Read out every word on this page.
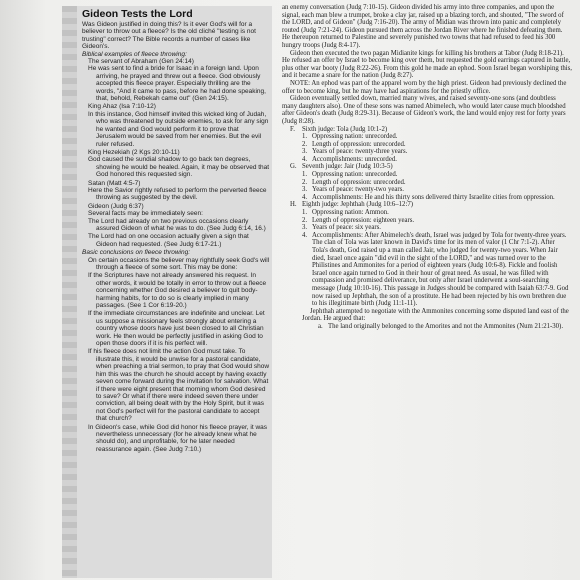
Gideon Tests the Lord

Was Gideon justified in doing this? Is it ever God's will for a believer to throw out a fleece? Is the old cliché "testing is not trusting" correct? The Bible records a number of cases like Gideon's.

Biblical examples of fleece throwing:

The servant of Abraham (Gen 24:14)

He was sent to find a bride for Isaac in a foreign land. Upon arriving, he prayed and threw out a fleece. God obviously accepted this fleece prayer. Especially thrilling are the words, "And it came to pass, before he had done speaking, that, behold, Rebekah came out" (Gen 24:15).

King Ahaz (Isa 7:10-12)

In this instance, God himself invited this wicked king of Judah, who was threatened by outside enemies, to ask for any sign he wanted and God would perform it to prove that Jerusalem would be saved from her enemies. But the evil ruler refused.

King Hezekiah (2 Kgs 20:10-11)

God caused the sundial shadow to go back ten degrees, showing he would be healed. Again, it may be observed that God honored this requested sign.

Satan (Matt 4:5-7)

Here the Savior rightly refused to perform the perverted fleece throwing as suggested by the devil.

Gideon (Judg 6:37)

Several facts may be immediately seen:

The Lord had already on two previous occasions clearly assured Gideon of what he was to do. (See Judg 6:14, 16.)

The Lord had on one occasion actually given a sign that Gideon had requested. (See Judg 6:17-21.)

Basic conclusions on fleece throwing:

On certain occasions the believer may rightfully seek God's will through a fleece of some sort. This may be done:

If the Scriptures have not already answered his request. In other words, it would be totally in error to throw out a fleece concerning whether God desired a believer to quit body-harming habits, for to do so is clearly implied in many passages. (See 1 Cor 6:19-20.)

If the immediate circumstances are indefinite and unclear. Let us suppose a missionary feels strongly about entering a country whose doors have just been closed to all Christian work. He then would be perfectly justified in asking God to open those doors if it is his perfect will.

If his fleece does not limit the action God must take. To illustrate this, it would be unwise for a pastoral candidate, when preaching a trial sermon, to pray that God would show him this was the church he should accept by having exactly seven come forward during the invitation for salvation. What if there were eight present that morning whom God desired to save? Or what if there were indeed seven there under conviction, all being dealt with by the Holy Spirit, but it was not God's perfect will for the pastoral candidate to accept that church?

In Gideon's case, while God did honor his fleece prayer, it was nevertheless unnecessary (for he already knew what he should do), and unprofitable, for he later needed reassurance again. (See Judg 7:10.)

an enemy conversation (Judg 7:10-15). Gideon divided his army into three companies, and upon the signal, each man blew a trumpet, broke a clay jar, raised up a blazing torch, and shouted, "The sword of the LORD, and of Gideon" (Judg 7:16-20). The army of Midian was thrown into panic and completely routed (Judg 7:21-24). Gideon pursued them across the Jordan River where he finished defeating them. He thereupon returned to Palestine and severely punished two towns that had refused to feed his 300 hungry troops (Judg 8:4-17).

Gideon then executed the two pagan Midianite kings for killing his brothers at Tabor (Judg 8:18-21). He refused an offer by Israel to become king over them, but requested the gold earrings captured in battle, plus other war booty (Judg 8:22-26). From this gold he made an ephod. Soon Israel began worshiping this, and it became a snare for the nation (Judg 8:27).

NOTE: An ephod was part of the apparel worn by the high priest. Gideon had previously declined the offer to become king, but he may have had aspirations for the priestly office.

Gideon eventually settled down, married many wives, and raised seventy-one sons (and doubtless many daughters also). One of these sons was named Abimelech, who would later cause much bloodshed after Gideon's death (Judg 8:29-31). Because of Gideon's work, the land would enjoy rest for forty years (Judg 8:28).

F.	Sixth judge: Tola (Judg 10:1-2)
1. Oppressing nation: unrecorded.
2. Length of oppression: unrecorded.
3. Years of peace: twenty-three years.
4. Accomplishments: unrecorded.
G. Seventh judge: Jair (Judg 10:3-5)
1. Oppressing nation: unrecorded.
2. Length of oppression: unrecorded.
3. Years of peace: twenty-two years.
4. Accomplishments: He and his thirty sons delivered thirty Israelite cities from oppression.
H. Eighth judge: Jephthah (Judg 10:6–12:7)
1. Oppressing nation: Ammon.
2. Length of oppression: eighteen years.
3. Years of peace: six years.
4. Accomplishments: After Abimelech's death, Israel was judged by Tola for twenty-three years. The clan of Tola was later known in David's time for its men of valor (1 Chr 7:1-2). After Tola's death, God raised up a man called Jair, who judged for twenty-two years. When Jair died, Israel once again "did evil in the sight of the LORD," and was turned over to the Philistines and Ammonites for a period of eighteen years (Judg 10:6-8). Fickle and foolish Israel once again turned to God in their hour of great need. As usual, he was filled with compassion and promised deliverance, but only after Israel underwent a soul-searching message (Judg 10:10-16). This passage in Judges should be compared with Isaiah 63:7-9. God now raised up Jephthah, the son of a prostitute. He had been rejected by his own brethren due to his illegitimate birth (Judg 11:1-11).

Jephthah attempted to negotiate with the Ammonites concerning some disputed land east of the Jordan. He argued that:

a. The land originally belonged to the Amorites and not the Ammonites (Num 21:21-30).
